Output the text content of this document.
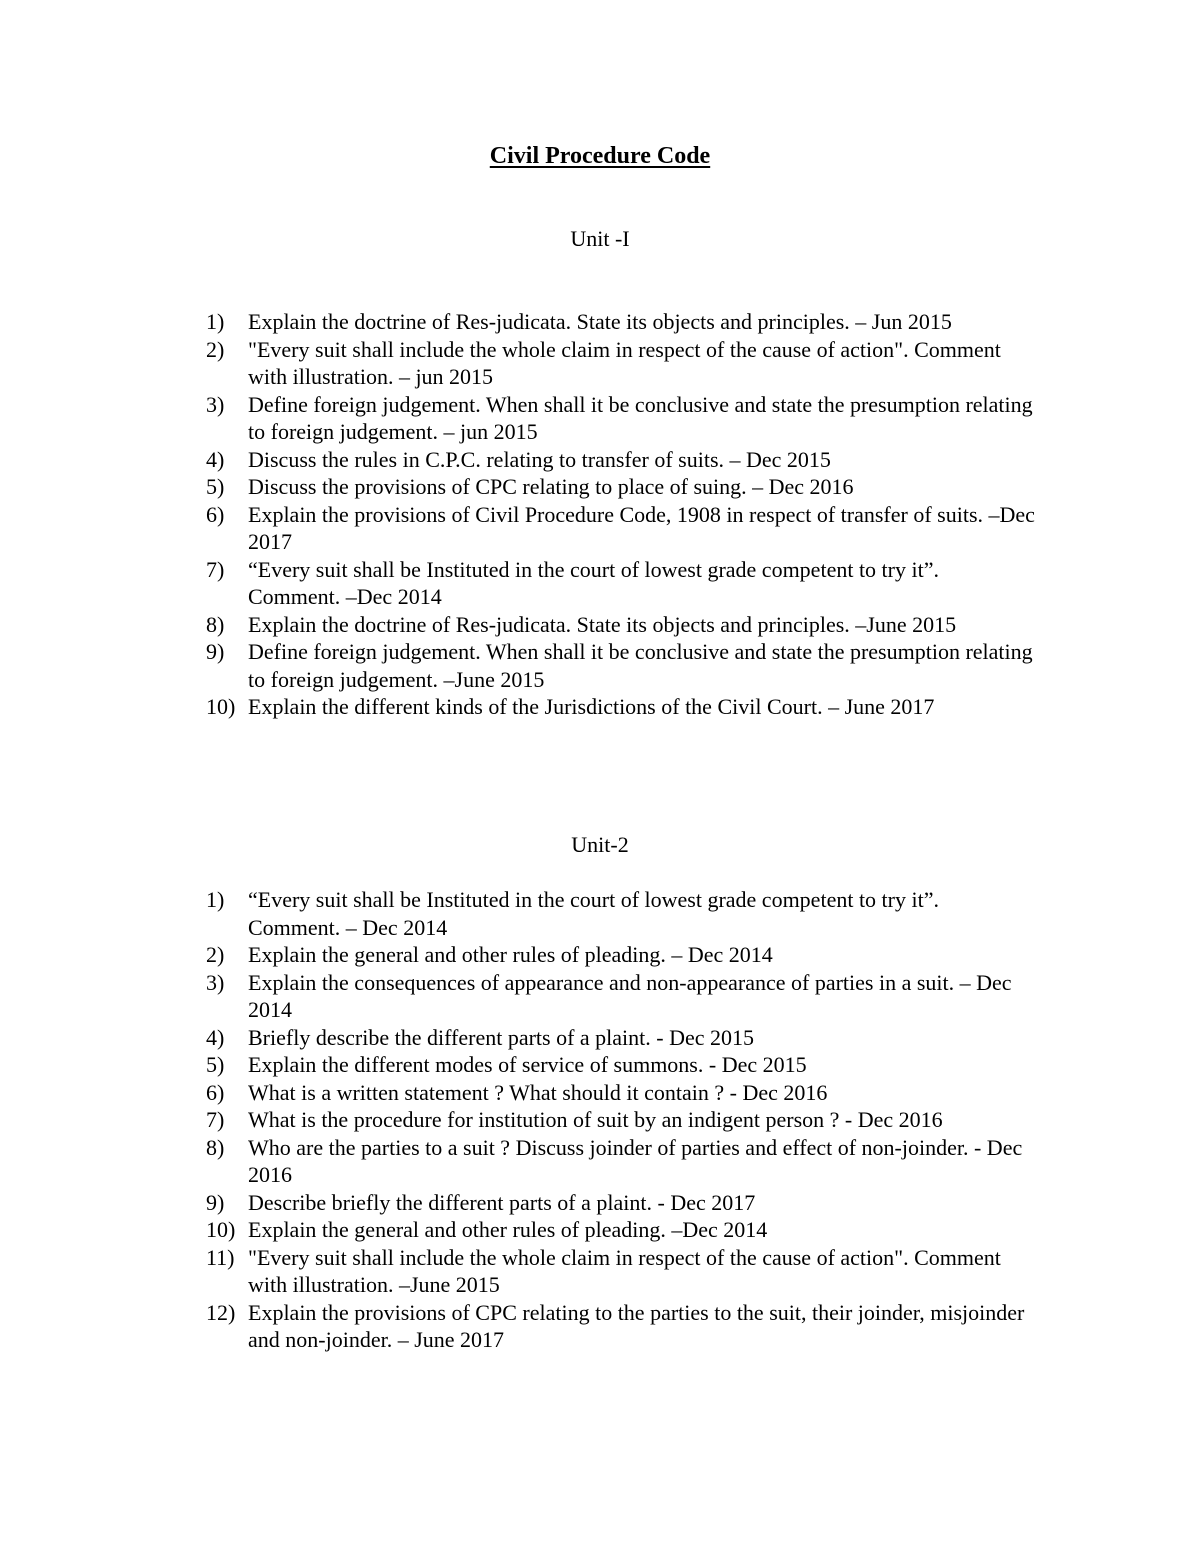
Civil Procedure Code
Unit -I
1)	Explain the doctrine of Res-judicata. State its objects and principles. – Jun 2015
2)	"Every suit shall include the whole claim in respect of the cause of action". Comment with illustration. – jun 2015
3)	Define foreign judgement. When shall it be conclusive and state the presumption relating to foreign judgement. – jun 2015
4)	Discuss the rules in C.P.C. relating to transfer of suits. – Dec 2015
5)	Discuss the provisions of CPC relating to place of suing. – Dec 2016
6)	Explain the provisions of Civil Procedure Code, 1908 in respect of transfer of suits. –Dec 2017
7)	“Every suit shall be Instituted in the court of lowest grade competent to try it”. Comment. –Dec 2014
8)	Explain the doctrine of Res-judicata. State its objects and principles. –June 2015
9)	Define foreign judgement. When shall it be conclusive and state the presumption relating to foreign judgement. –June 2015
10) Explain the different kinds of the Jurisdictions of the Civil Court. – June 2017
Unit-2
1)	“Every suit shall be Instituted in the court of lowest grade competent to try it”. Comment. – Dec 2014
2)	Explain the general and other rules of pleading. – Dec 2014
3)	Explain the consequences of appearance and non-appearance of parties in a suit. – Dec 2014
4)	Briefly describe the different parts of a plaint. - Dec 2015
5)	Explain the different modes of service of summons. - Dec 2015
6)	What is a written statement ? What should it contain ? - Dec 2016
7)	What is the procedure for institution of suit by an indigent person ? - Dec 2016
8)	Who are the parties to a suit ? Discuss joinder of parties and effect of non-joinder. - Dec 2016
9)	Describe briefly the different parts of a plaint. - Dec 2017
10) Explain the general and other rules of pleading. –Dec 2014
11) "Every suit shall include the whole claim in respect of the cause of action". Comment with illustration. –June 2015
12) Explain the provisions of CPC relating to the parties to the suit, their joinder, misjoinder and non-joinder. – June 2017
